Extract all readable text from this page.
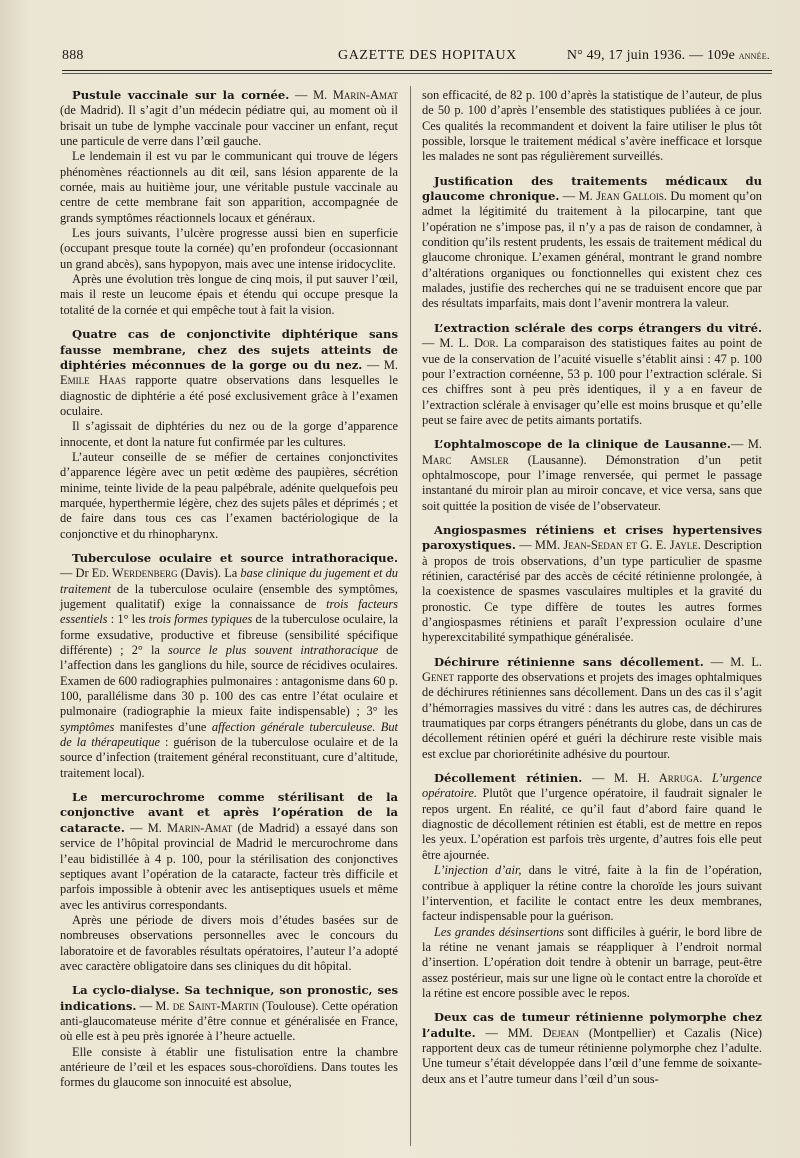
888	GAZETTE DES HOPITAUX	N° 49, 17 juin 1936. — 109e année.

Pustule vaccinale sur la cornée. — M. Marin-Amat (de Madrid). Il s’agit d’un médecin pédiatre qui, au moment où il brisait un tube de lymphe vaccinale pour vacciner un enfant, reçut une particule de verre dans l’œil gauche.

Le lendemain il est vu par le communicant qui trouve de légers phénomènes réactionnels au dit œil, sans lésion apparente de la cornée, mais au huitième jour, une véritable pustule vaccinale au centre de cette membrane fait son apparition, accompagnée de grands symptômes réactionnels locaux et généraux.

Les jours suivants, l’ulcère progresse aussi bien en superficie (occupant presque toute la cornée) qu’en profondeur (occasionnant un grand abcès), sans hypopyon, mais avec une intense iridocyclite.

Après une évolution très longue de cinq mois, il put sauver l’œil, mais il reste un leucome épais et étendu qui occupe presque la totalité de la cornée et qui empêche tout à fait la vision.

Quatre cas de conjonctivite diphtérique sans fausse membrane, chez des sujets atteints de diphtéries méconnues de la gorge ou du nez. — M. Emile Haas rapporte quatre observations dans lesquelles le diagnostic de diphtérie a été posé exclusivement grâce à l’examen oculaire.

Il s’agissait de diphtéries du nez ou de la gorge d’apparence innocente, et dont la nature fut confirmée par les cultures.

L’auteur conseille de se méfier de certaines conjonctivites d’apparence légère avec un petit œdème des paupières, sécrétion minime, teinte livide de la peau palpébrale, adénite quelquefois peu marquée, hyperthermie légère, chez des sujets pâles et déprimés ; et de faire dans tous ces cas l’examen bactériologique de la conjonctive et du rhinopharynx.

Tuberculose oculaire et source intrathoracique. — Dr Ed. Werdenberg (Davis). La base clinique du jugement et du traitement de la tuberculose oculaire (ensemble des symptômes, jugement qualitatif) exige la connaissance de trois facteurs essentiels : 1° les trois formes typiques de la tuberculose oculaire, la forme exsudative, productive et fibreuse (sensibilité spécifique différente) ; 2° la source le plus souvent intrathoracique de l’affection dans les ganglions du hile, source de récidives oculaires. Examen de 600 radiographies pulmonaires : antagonisme dans 60 p. 100, parallélisme dans 30 p. 100 des cas entre l’état oculaire et pulmonaire (radiographie la mieux faite indispensable) ; 3° les symptômes manifestes d’une affection générale tuberculeuse. But de la thérapeutique : guérison de la tuberculose oculaire et de la source d’infection (traitement général reconstituant, cure d’altitude, traitement local).

Le mercurochrome comme stérilisant de la conjonctive avant et après l’opération de la cataracte. — M. Marin-Amat (de Madrid) a essayé dans son service de l’hôpital provincial de Madrid le mercurochrome dans l’eau bidistillée à 4 p. 100, pour la stérilisation des conjonctives septiques avant l’opération de la cataracte, facteur très difficile et parfois impossible à obtenir avec les antiseptiques usuels et même avec les antivirus correspondants.

Après une période de divers mois d’études basées sur de nombreuses observations personnelles avec le concours du laboratoire et de favorables résultats opératoires, l’auteur l’a adopté avec caractère obligatoire dans ses cliniques du dit hôpital.

La cyclo-dialyse. Sa technique, son pronostic, ses indications. — M. de Saint-Martin (Toulouse). Cette opération anti-glaucomateuse mérite d’être connue et généralisée en France, où elle est à peu près ignorée à l’heure actuelle.

Elle consiste à établir une fistulisation entre la chambre antérieure de l’œil et les espaces sous-choroïdiens. Dans toutes les formes du glaucome son innocuité est absolue,

son efficacité, de 82 p. 100 d’après la statistique de l’auteur, de plus de 50 p. 100 d’après l’ensemble des statistiques publiées à ce jour. Ces qualités la recommandent et doivent la faire utiliser le plus tôt possible, lorsque le traitement médical s’avère inefficace et lorsque les malades ne sont pas régulièrement surveillés.

Justification des traitements médicaux du glaucome chronique. — M. Jean Gallois. Du moment qu’on admet la légitimité du traitement à la pilocarpine, tant que l’opération ne s’impose pas, il n’y a pas de raison de condamner, à condition qu’ils restent prudents, les essais de traitement médical du glaucome chronique. L’examen général, montrant le grand nombre d’altérations organiques ou fonctionnelles qui existent chez ces malades, justifie des recherches qui ne se traduisent encore que par des résultats imparfaits, mais dont l’avenir montrera la valeur.

L’extraction sclérale des corps étrangers du vitré. — M. L. Dor. La comparaison des statistiques faites au point de vue de la conservation de l’acuité visuelle s’établit ainsi : 47 p. 100 pour l’extraction cornéenne, 53 p. 100 pour l’extraction sclérale. Si ces chiffres sont à peu près identiques, il y a en faveur de l’extraction sclérale à envisager qu’elle est moins brusque et qu’elle peut se faire avec de petits aimants portatifs.

L’ophtalmoscope de la clinique de Lausanne.— M. Marc Amsler (Lausanne). Démonstration d’un petit ophtalmoscope, pour l’image renversée, qui permet le passage instantané du miroir plan au miroir concave, et vice versa, sans que soit quittée la position de visée de l’observateur.

Angiospasmes rétiniens et crises hypertensives paroxystiques. — MM. Jean-Sedan et G. E. Jayle. Description à propos de trois observations, d’un type particulier de spasme rétinien, caractérisé par des accès de cécité rétinienne prolongée, à la coexistence de spasmes vasculaires multiples et la gravité du pronostic. Ce type diffère de toutes les autres formes d’angiospasmes rétiniens et paraît l’expression oculaire d’une hyperexcitabilité sympathique généralisée.

Déchirure rétinienne sans décollement. — M. L. Genet rapporte des observations et projets des images ophtalmiques de déchirures rétiniennes sans décollement. Dans un des cas il s’agit d’hémorragies massives du vitré : dans les autres cas, de déchirures traumatiques par corps étrangers pénétrants du globe, dans un cas de décollement rétinien opéré et guéri la déchirure reste visible mais est exclue par choriorétinite adhésive du pourtour.

Décollement rétinien. — M. H. Arruga. L’urgence opératoire. Plutôt que l’urgence opératoire, il faudrait signaler le repos urgent. En réalité, ce qu’il faut d’abord faire quand le diagnostic de décollement rétinien est établi, est de mettre en repos les yeux. L’opération est parfois très urgente, d’autres fois elle peut être ajournée.

L’injection d’air, dans le vitré, faite à la fin de l’opération, contribue à appliquer la rétine contre la choroïde les jours suivant l’intervention, et facilite le contact entre les deux membranes, facteur indispensable pour la guérison.

Les grandes désinsertions sont difficiles à guérir, le bord libre de la rétine ne venant jamais se réappliquer à l’endroit normal d’insertion. L’opération doit tendre à obtenir un barrage, peut-être assez postérieur, mais sur une ligne où le contact entre la choroïde et la rétine est encore possible avec le repos.

Deux cas de tumeur rétinienne polymorphe chez l’adulte. — MM. Dejean (Montpellier) et Cazalis (Nice) rapportent deux cas de tumeur rétinienne polymorphe chez l’adulte. Une tumeur s’était développée dans l’œil d’une femme de soixante-deux ans et l’autre tumeur dans l’œil d’un sous-
